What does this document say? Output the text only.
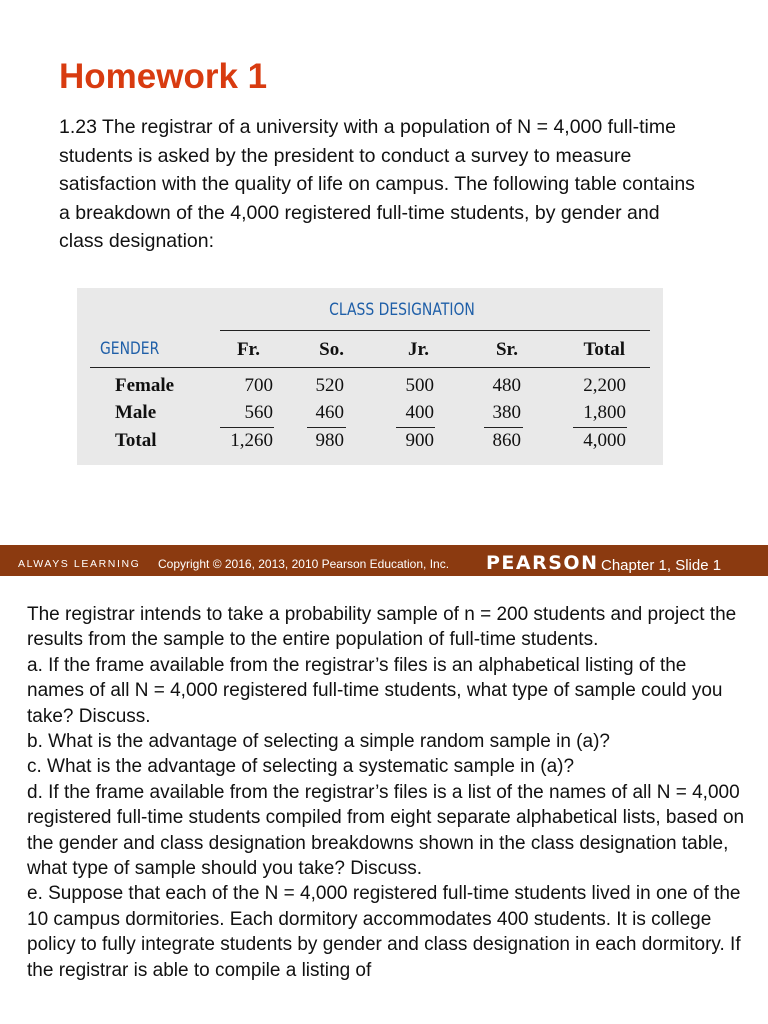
Homework 1

1.23 The registrar of a university with a population of N = 4,000 full-time students is asked by the president to conduct a survey to measure satisfaction with the quality of life on campus. The following table contains a breakdown of the 4,000 registered full-time students, by gender and class designation:

CLASS DESIGNATION
GENDER	Fr.	So.	Jr.	Sr.	Total
Female	700	520	500	480	2,200
Male	560	460	400	380	1,800
Total	1,260	980	900	860	4,000
ALWAYS LEARNING Copyright © 2016, 2013, 2010 Pearson Education, Inc. PEARSON Chapter 1, Slide 1

The registrar intends to take a probability sample of n = 200 students and project the results from the sample to the entire population of full-time students.

a. If the frame available from the registrar’s files is an alphabetical listing of the names of all N = 4,000 registered full-time students, what type of sample could you take? Discuss.

b. What is the advantage of selecting a simple random sample in (a)?

c. What is the advantage of selecting a systematic sample in (a)?

d. If the frame available from the registrar’s files is a list of the names of all N = 4,000 registered full-time students compiled from eight separate alphabetical lists, based on the gender and class designation breakdowns shown in the class designation table, what type of sample should you take? Discuss.

e. Suppose that each of the N = 4,000 registered full-time students lived in one of the 10 campus dormitories. Each dormitory accommodates 400 students. It is college policy to fully integrate students by gender and class designation in each dormitory. If the registrar is able to compile a listing of
